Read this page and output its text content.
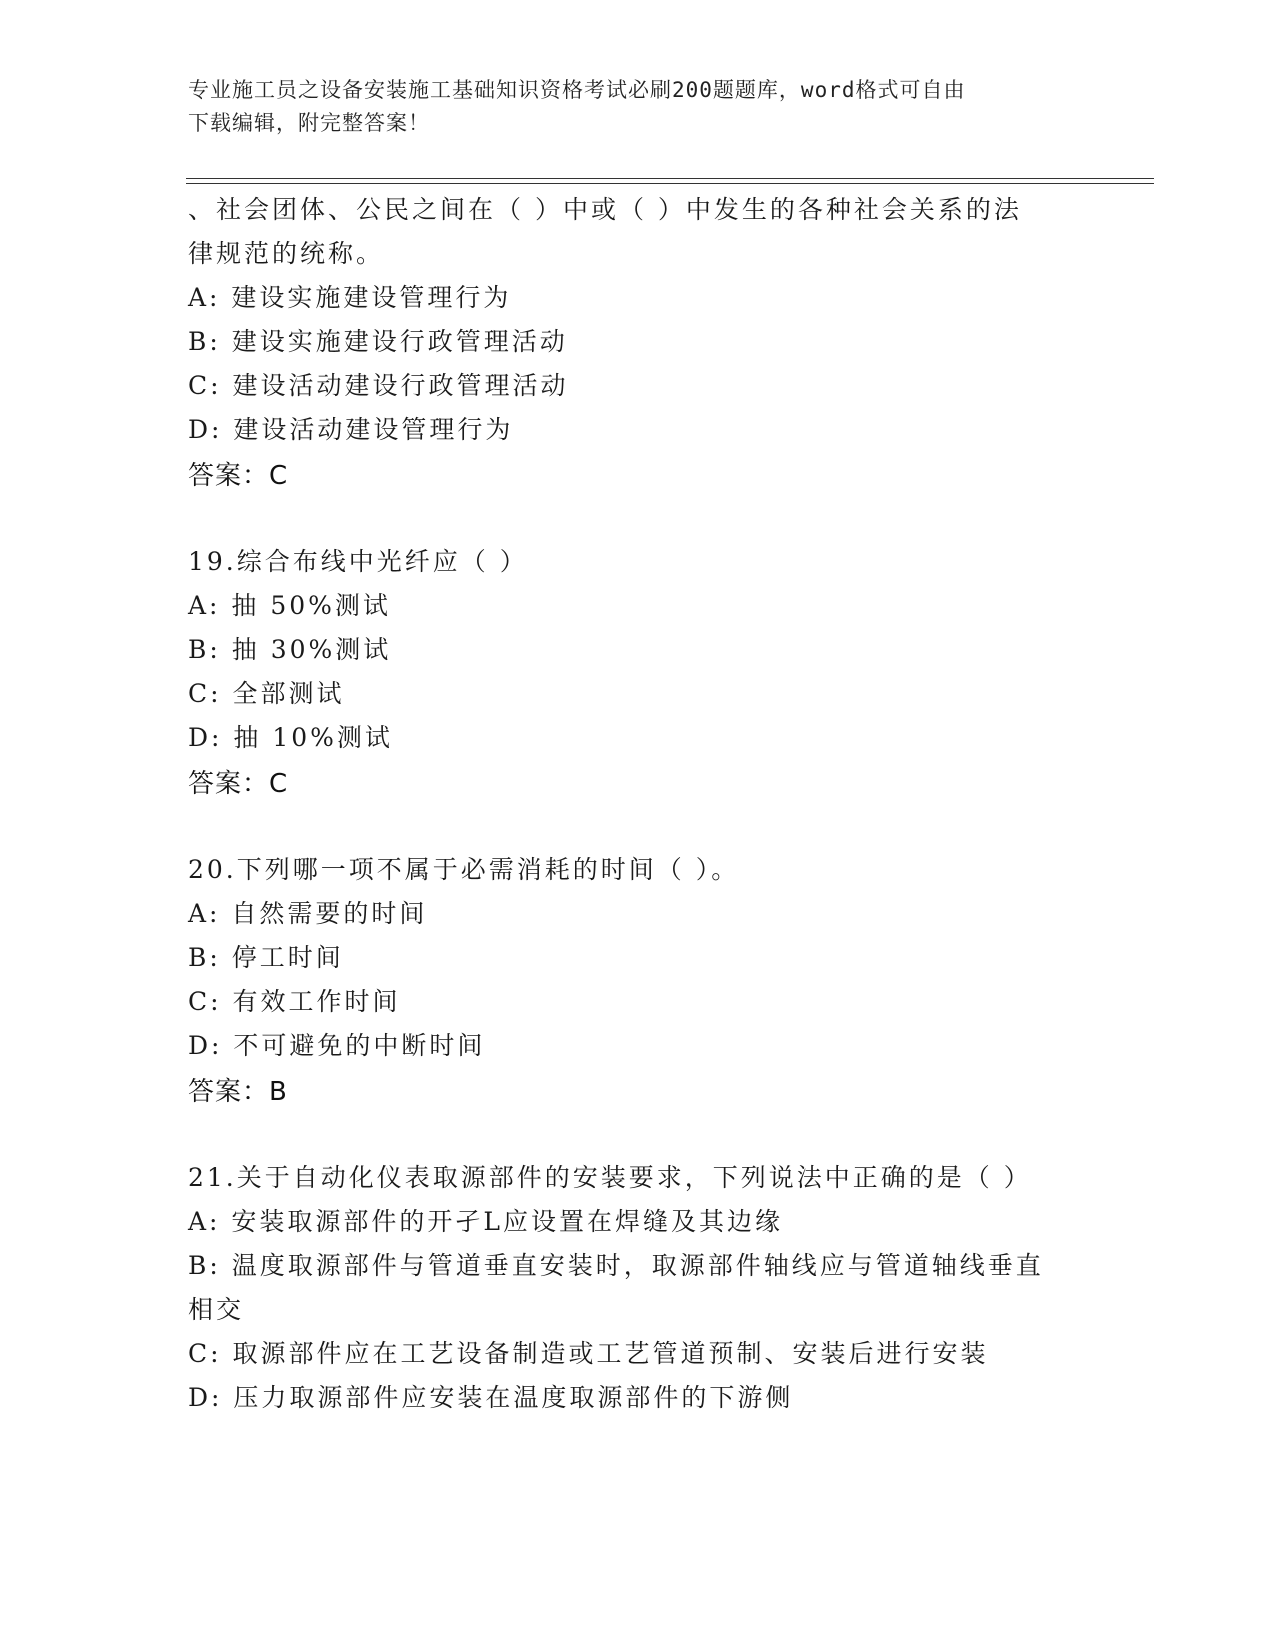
专业施工员之设备安装施工基础知识资格考试必刷200题题库，word格式可自由
下载编辑，附完整答案！
、社会团体、公民之间在（ ）中或（ ）中发生的各种社会关系的法
律规范的统称。
A: 建设实施建设管理行为
B: 建设实施建设行政管理活动
C: 建设活动建设行政管理活动
D: 建设活动建设管理行为
答案：C
19.综合布线中光纤应（ ）
A: 抽 50%测试
B: 抽 30%测试
C: 全部测试
D: 抽 10%测试
答案：C
20.下列哪一项不属于必需消耗的时间（ ）。
A: 自然需要的时间
B: 停工时间
C: 有效工作时间
D: 不可避免的中断时间
答案：B
21.关于自动化仪表取源部件的安装要求，下列说法中正确的是（ ）
A: 安装取源部件的开孑L应设置在焊缝及其边缘
B: 温度取源部件与管道垂直安装时，取源部件轴线应与管道轴线垂直
相交
C: 取源部件应在工艺设备制造或工艺管道预制、安装后进行安装
D: 压力取源部件应安装在温度取源部件的下游侧
